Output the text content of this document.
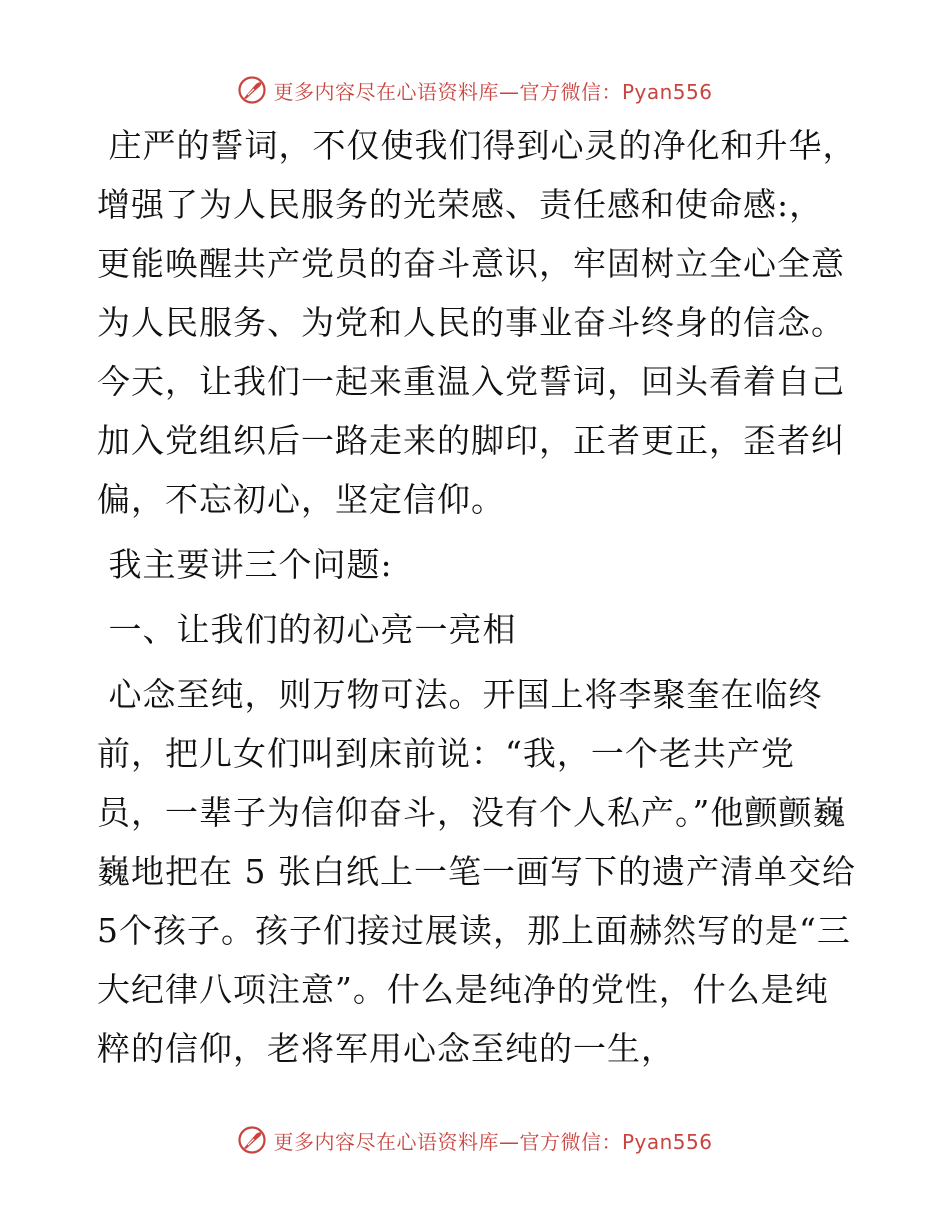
更多内容尽在心语资料库—官方微信：Pyan556

庄严的誓词，不仅使我们得到心灵的净化和升华，  增强了为人民服务的光荣感、责任感和使命感:，更能唤醒共产党员的奋斗意识，牢固树立全心全意为人民服务、为党和人民的事业奋斗终身的信念。今天，让我们一起来重温入党誓词，回头看着自己加入党组织后一路走来的脚印，正者更正，歪者纠偏，不忘初心，坚定信仰。

我主要讲三个问题:

一、让我们的初心亮一亮相

心念至纯，则万物可法。开国上将李聚奎在临终前，把儿女们叫到床前说：“我，一个老共产党员，一辈子为信仰奋斗，没有个人私产。”他颤颤巍巍地把在 5 张白纸上一笔一画写下的遗产清单交给5个孩子。孩子们接过展读，那上面赫然写的是“三大纪律八项注意”。什么是纯净的党性，什么是纯粹的信仰，老将军用心念至纯的一生，

更多内容尽在心语资料库—官方微信：Pyan556
